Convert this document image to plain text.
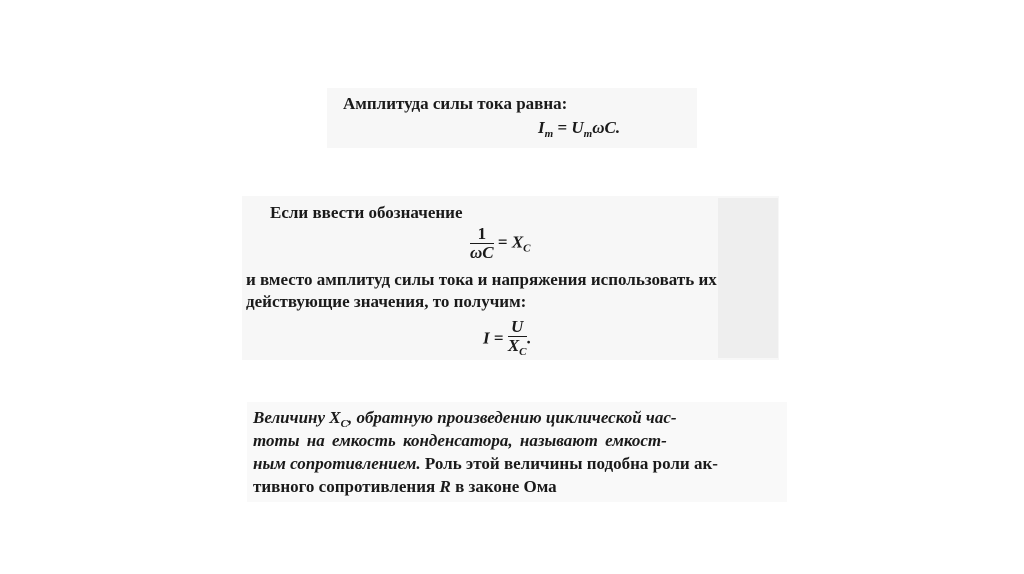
Амплитуда силы тока равна:
$I_m = U_m\omega C$.
Если ввести обозначение
$\frac{1}{\omega C} = X_C$
и вместо амплитуд силы тока и напряжения использовать их
действующие значения, то получим:
$I = \frac{U}{X_C}$ .
Величину $X_C$, обратную произведению циклической час-
тоты на емкость конденсатора, называют емкост-
ным сопротивлением. Роль этой величины подобна роли ак-
тивного сопротивления R в законе Ома
